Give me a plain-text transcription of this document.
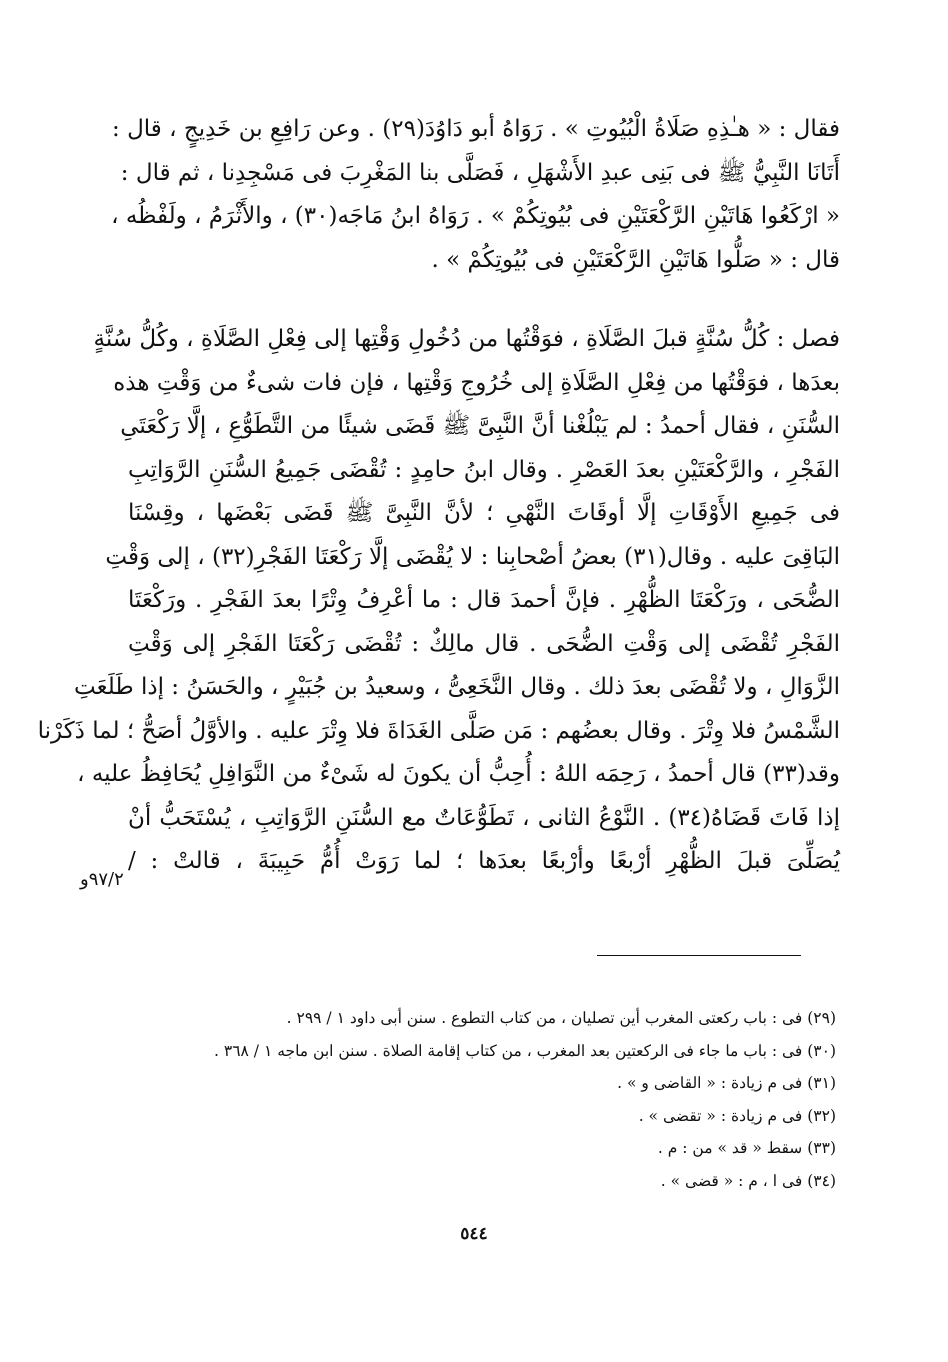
فقال : « هـٰذِهِ صَلَاةُ الْبُيُوتِ » . رَوَاهُ أبو دَاوُدَ(٢٩) . وعن رَافِعِ بن خَدِيجٍ ، قال :
أَتَانَا النَّبِيُّ ﷺ فى بَنِى عبدِ الأَشْهَلِ ، فَصَلَّى بنا المَغْرِبَ فى مَسْجِدِنا ، ثم قال :
« ارْكَعُوا هَاتَيْنِ الرَّكْعَتَيْنِ فى بُيُوتِكُمْ » . رَوَاهُ ابنُ مَاجَه(٣٠) ، والأَثْرَمُ ، ولَفْظُه ،
قال : « صَلُّوا هَاتَيْنِ الرَّكْعَتَيْنِ فى بُيُوتِكُمْ » .
فصل : كُلُّ سُنَّةٍ قبلَ الصَّلَاةِ ، فوَقْتُها من دُخُولِ وَقْتِها إلى فِعْلِ الصَّلَاةِ ، وكُلُّ سُنَّةٍ
بعدَها ، فوَقْتُها من فِعْلِ الصَّلَاةِ إلى خُرُوجِ وَقْتِها ، فإن فات شىءٌ من وَقْتِ هذه
السُّنَنِ ، فقال أحمدُ : لم يَبْلُغْنا أنَّ النَّبِىَّ ﷺ قَضَى شيئًا من التَّطَوُّعِ ، إلَّا رَكْعَتَىِ
الفَجْرِ ، والرَّكْعَتَيْنِ بعدَ العَصْرِ . وقال ابنُ حامِدٍ : تُقْضَى جَمِيعُ السُّنَنِ الرَّوَاتِبِ
فى جَمِيعِ الأَوْقَاتِ إلَّا أوقَاتَ النَّهْىِ ؛ لأنَّ النَّبِىَّ ﷺ قَضَى بَعْضَها ، وقِسْنَا
البَاقِىَ عليه . وقال(٣١) بعضُ أصْحابِنا : لا يُقْضَى إلَّا رَكْعَتَا الفَجْرِ(٣٢) ، إلى وَقْتِ
الضُّحَى ، ورَكْعَتَا الظُّهْرِ . فإنَّ أحمدَ قال : ما أعْرِفُ وِتْرًا بعدَ الفَجْرِ . ورَكْعَتَا
الفَجْرِ تُقْضَى إلى وَقْتِ الضُّحَى . قال مالِكٌ : تُقْضَى رَكْعَتَا الفَجْرِ إلى وَقْتِ
الزَّوَالِ ، ولا تُقْضَى بعدَ ذلك . وقال النَّخَعِىُّ ، وسعيدُ بن جُبَيْرٍ ، والحَسَنُ : إذا طَلَعَتِ
الشَّمْسُ فلا وِتْرَ . وقال بعضُهم : مَن صَلَّى الغَدَاةَ فلا وِتْرَ عليه . والأوَّلُ أصَحُّ ؛ لما ذَكَرْنا
وقد(٣٣) قال أحمدُ ، رَحِمَه اللهُ : أُحِبُّ أن يكونَ له شَىْءٌ من النَّوَافِلِ يُحَافِظُ عليه ،
إذا فَاتَ قَضَاهُ(٣٤) . النَّوْعُ الثانى ، تَطَوُّعَاتٌ مع السُّنَنِ الرَّوَاتِبِ ، يُسْتَحَبُّ أنْ
يُصَلِّىَ قبلَ الظُّهْرِ أرْبعًا وأرْبعًا بعدَها ؛ لما رَوَتْ أُمُّ حَبِيبَةَ ، قالتْ : /
٩٧/٢و
(٢٩) فى : باب ركعتى المغرب أين تصليان ، من كتاب التطوع . سنن أبى داود ١ / ٢٩٩ .
(٣٠) فى : باب ما جاء فى الركعتين بعد المغرب ، من كتاب إقامة الصلاة . سنن ابن ماجه ١ / ٣٦٨ .
(٣١) فى م زيادة : « القاضى و » .
(٣٢) فى م زيادة : « تقضى » .
(٣٣) سقط « قد » من : م .
(٣٤) فى ا ، م : « قضى » .
٥٤٤
